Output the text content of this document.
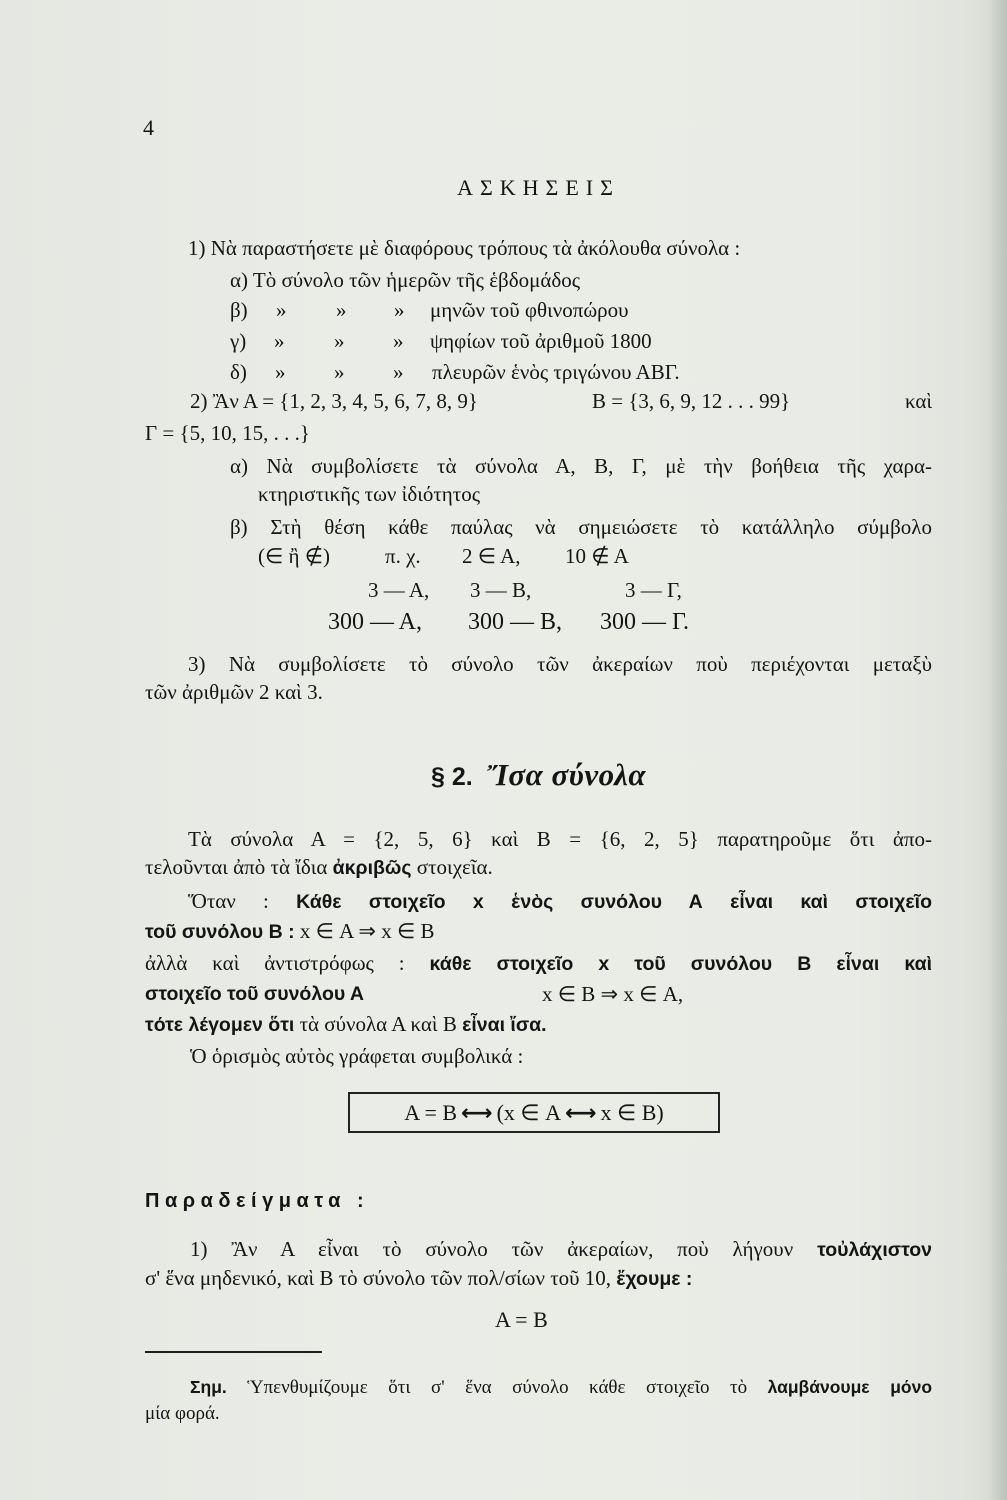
4
ΑΣΚΗΣΕΙΣ
1) Νὰ παραστήσετε μὲ διαφόρους τρόπους τὰ ἀκόλουθα σύνολα :
α) Τὸ σύνολο τῶν ἡμερῶν τῆς ἑβδομάδος
β) » » » μηνῶν τοῦ φθινοπώρου
γ) » » » ψηφίων τοῦ ἀριθμοῦ 1800
δ) » » » πλευρῶν ἑνὸς τριγώνου ΑΒΓ.
2) Ἂν Α = {1, 2, 3, 4, 5, 6, 7, 8, 9}	Β = {3, 6, 9, 12 . . . 99}	καὶ
Γ = {5, 10, 15, . . .}
α) Νὰ συμβολίσετε τὰ σύνολα Α, Β, Γ, μὲ τὴν βοήθεια τῆς χαρα-
κτηριστικῆς των ἰδιότητος
β) Στὴ θέση κάθε παύλας νὰ σημειώσετε τὸ κατάλληλο σύμβολο
(∈ ἢ ∉)	π. χ. 2 ∈ Α, 10 ∉ Α
3 — Α, 3 — Β,	3 — Γ,
300 — Α, 300 — Β, 300 — Γ.
3) Νὰ συμβολίσετε τὸ σύνολο τῶν ἀκεραίων ποὺ περιέχονται μεταξὺ
τῶν ἀριθμῶν 2 καὶ 3.
§ 2. Ἴσα σύνολα
Τὰ σύνολα Α = {2, 5, 6} καὶ Β = {6, 2, 5} παρατηροῦμε ὅτι ἀπο-
τελοῦνται ἀπὸ τὰ ἴδια ἀκριβῶς στοιχεῖα.
Ὅταν : Κάθε στοιχεῖο x ἑνὸς συνόλου Α εἶναι καὶ στοιχεῖο
τοῦ συνόλου Β : x ∈ Α ⇒ x ∈ Β
ἀλλὰ καὶ ἀντιστρόφως : κάθε στοιχεῖο x τοῦ συνόλου Β εἶναι καὶ
στοιχεῖο τοῦ συνόλου Α	x ∈ Β ⇒ x ∈ Α,
τότε λέγομεν ὅτι τὰ σύνολα Α καὶ Β εἶναι ἴσα.
Ὁ ὁρισμὸς αὐτὸς γράφεται συμβολικά :
Α = Β ⟷ (x ∈ Α ⟷ x ∈ Β)
Παραδείγματα :
1) Ἂν Α εἶναι τὸ σύνολο τῶν ἀκεραίων, ποὺ λήγουν τοὐλάχιστον
σ' ἕνα μηδενικό, καὶ Β τὸ σύνολο τῶν πολ/σίων τοῦ 10, ἔχουμε :
Α = Β
Σημ. Ὑπενθυμίζουμε ὅτι σ' ἕνα σύνολο κάθε στοιχεῖο τὸ λαμβάνουμε μόνο
μία φορά.
